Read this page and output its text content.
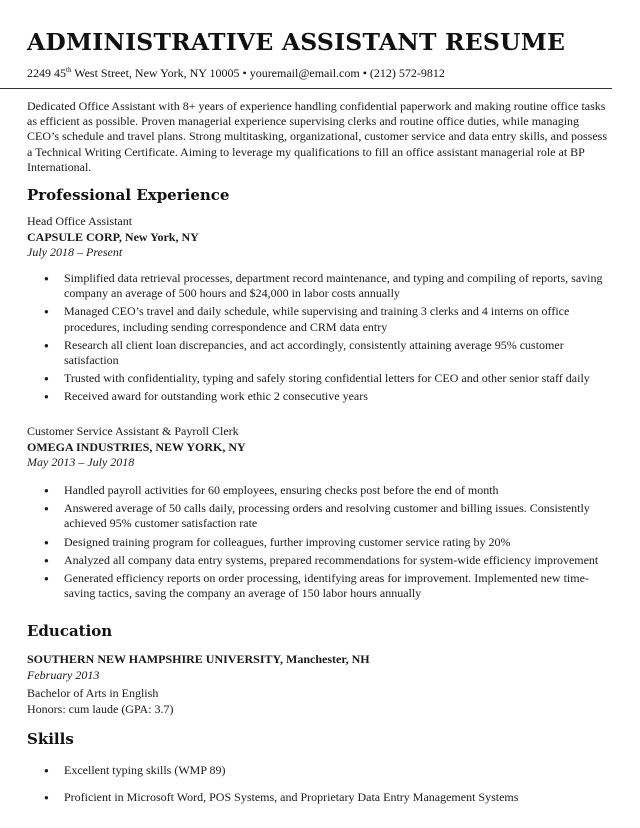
ADMINISTRATIVE ASSISTANT RESUME
2249 45th West Street, New York, NY 10005 • youremail@email.com • (212) 572-9812

Dedicated Office Assistant with 8+ years of experience handling confidential paperwork and making routine office tasks as efficient as possible. Proven managerial experience supervising clerks and routine office duties, while managing CEO’s schedule and travel plans. Strong multitasking, organizational, customer service and data entry skills, and possess a Technical Writing Certificate. Aiming to leverage my qualifications to fill an office assistant managerial role at BP International.

Professional Experience
Head Office Assistant
CAPSULE CORP, New York, NY
July 2018 – Present
● Simplified data retrieval processes, department record maintenance, and typing and compiling of reports, saving company an average of 500 hours and $24,000 in labor costs annually
● Managed CEO’s travel and daily schedule, while supervising and training 3 clerks and 4 interns on office procedures, including sending correspondence and CRM data entry
● Research all client loan discrepancies, and act accordingly, consistently attaining average 95% customer satisfaction
● Trusted with confidentiality, typing and safely storing confidential letters for CEO and other senior staff daily
● Received award for outstanding work ethic 2 consecutive years
Customer Service Assistant & Payroll Clerk
OMEGA INDUSTRIES, NEW YORK, NY
May 2013 – July 2018
● Handled payroll activities for 60 employees, ensuring checks post before the end of month
● Answered average of 50 calls daily, processing orders and resolving customer and billing issues. Consistently achieved 95% customer satisfaction rate
● Designed training program for colleagues, further improving customer service rating by 20%
● Analyzed all company data entry systems, prepared recommendations for system-wide efficiency improvement
● Generated efficiency reports on order processing, identifying areas for improvement. Implemented new time-saving tactics, saving the company an average of 150 labor hours annually
Education
SOUTHERN NEW HAMPSHIRE UNIVERSITY, Manchester, NH
February 2013
Bachelor of Arts in English
Honors: cum laude (GPA: 3.7)
Skills
● Excellent typing skills (WMP 89)
● Proficient in Microsoft Word, POS Systems, and Proprietary Data Entry Management Systems
